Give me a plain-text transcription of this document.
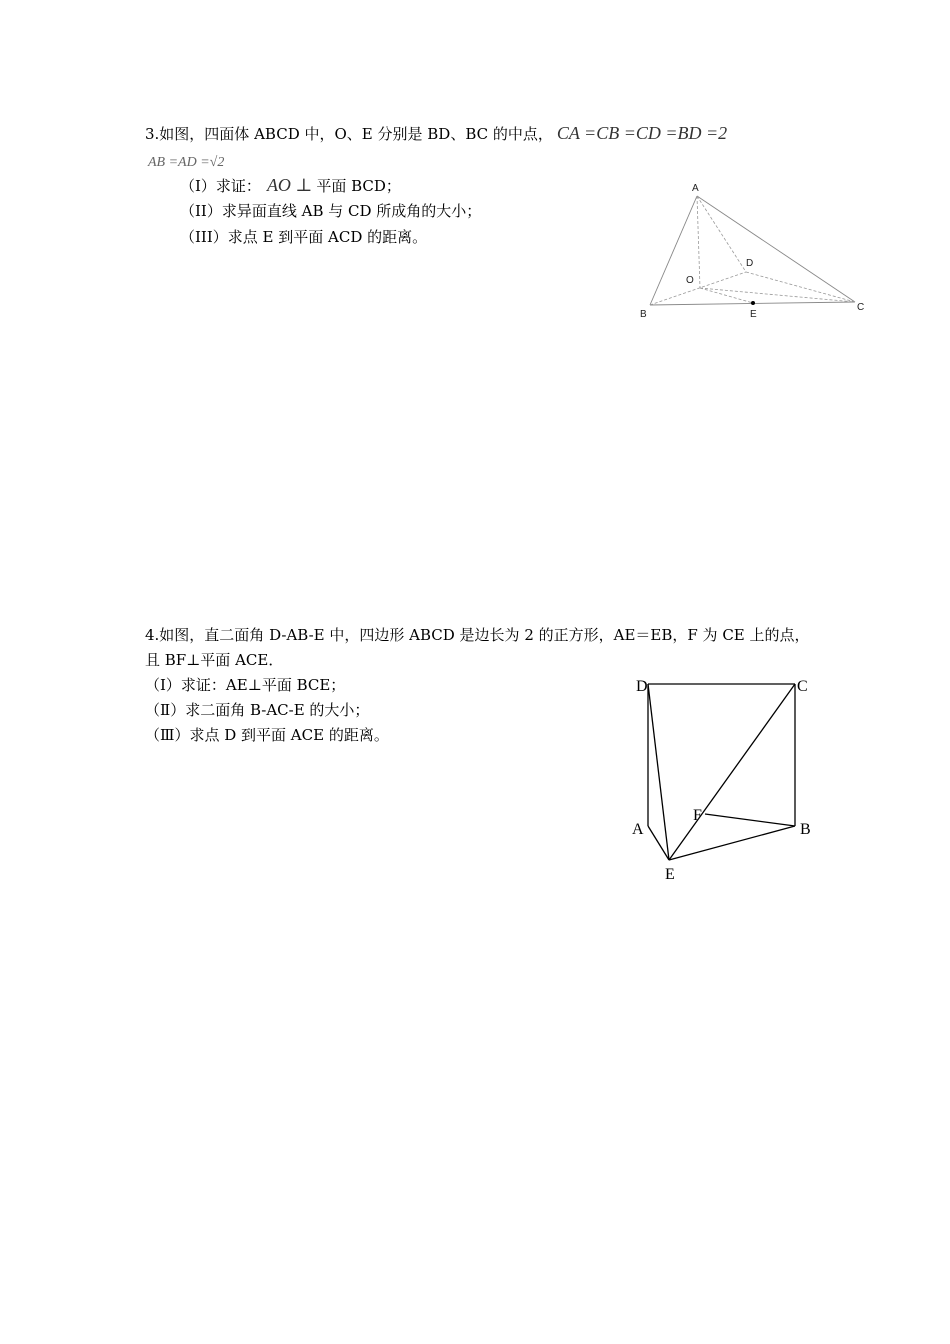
3.如图，四面体 ABCD 中，O、E 分别是 BD、BC 的中点， CA =CB =CD =BD =2
AB =AD =√2
（I）求证： AO ⊥ 平面 BCD；
（II）求异面直线 AB 与 CD 所成角的大小；
（III）求点 E 到平面 ACD 的距离。
A
B
C
D
O
E
4.如图，直二面角 D-AB-E 中，四边形 ABCD 是边长为 2 的正方形，AE＝EB，F 为 CE 上的点，
且 BF⊥平面 ACE．
（Ⅰ）求证：AE⊥平面 BCE；
（Ⅱ）求二面角 B-AC-E 的大小；
（Ⅲ）求点 D 到平面 ACE 的距离。
D	C
A	B
E
F
